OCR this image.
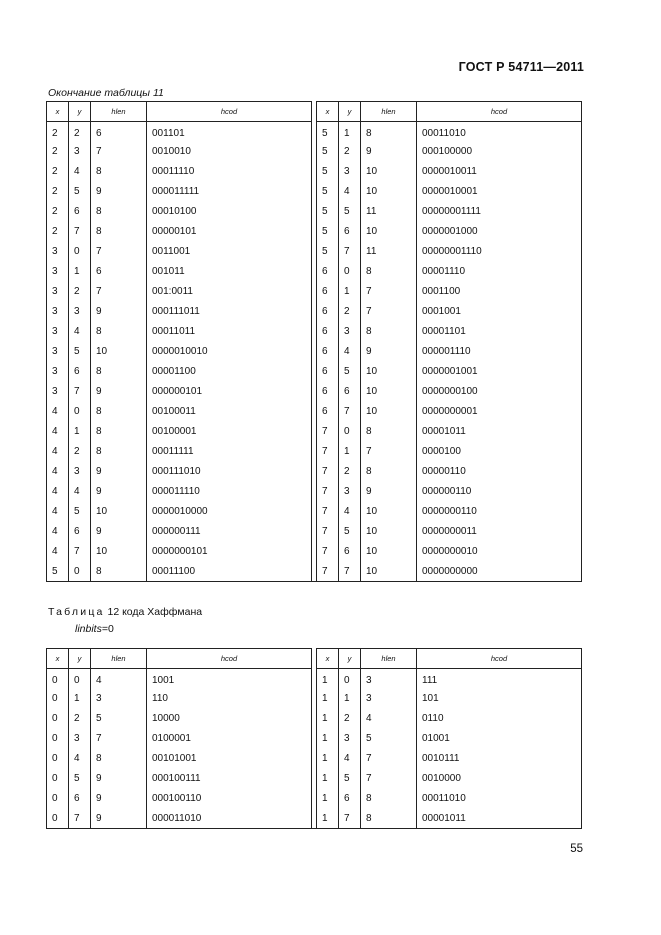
ГОСТ Р 54711—2011
Окончание таблицы 11
x	y	hlen	hcod		x	y	hlen	hcod
2	2	6	001101		5	1	8	00011010
2	3	7	0010010		5	2	9	000100000
2	4	8	00011110		5	3	10	0000010011
2	5	9	000011111		5	4	10	0000010001
2	6	8	00010100		5	5	11	00000001111
2	7	8	00000101		5	6	10	0000001000
3	0	7	0011001		5	7	11	00000001110
3	1	6	001011		6	0	8	00001110
3	2	7	001:0011		6	1	7	0001100
3	3	9	000111011		6	2	7	0001001
3	4	8	00011011		6	3	8	00001101
3	5	10	0000010010		6	4	9	000001110
3	6	8	00001100		6	5	10	0000001001
3	7	9	000000101		6	6	10	0000000100
4	0	8	00100011		6	7	10	0000000001
4	1	8	00100001		7	0	8	00001011
4	2	8	00011111		7	1	7	0000100
4	3	9	000111010		7	2	8	00000110
4	4	9	000011110		7	3	9	000000110
4	5	10	0000010000		7	4	10	0000000110
4	6	9	000000111		7	5	10	0000000011
4	7	10	0000000101		7	6	10	0000000010
5	0	8	00011100		7	7	10	0000000000
Таблица 12 кода Хаффмана
linbits=0
x	y	hlen	hcod		x	y	hlen	hcod
0	0	4	1001		1	0	3	111
0	1	3	110		1	1	3	101
0	2	5	10000		1	2	4	0110
0	3	7	0100001		1	3	5	01001
0	4	8	00101001		1	4	7	0010111
0	5	9	000100111		1	5	7	0010000
0	6	9	000100110		1	6	8	00011010
0	7	9	000011010		1	7	8	00001011
55
